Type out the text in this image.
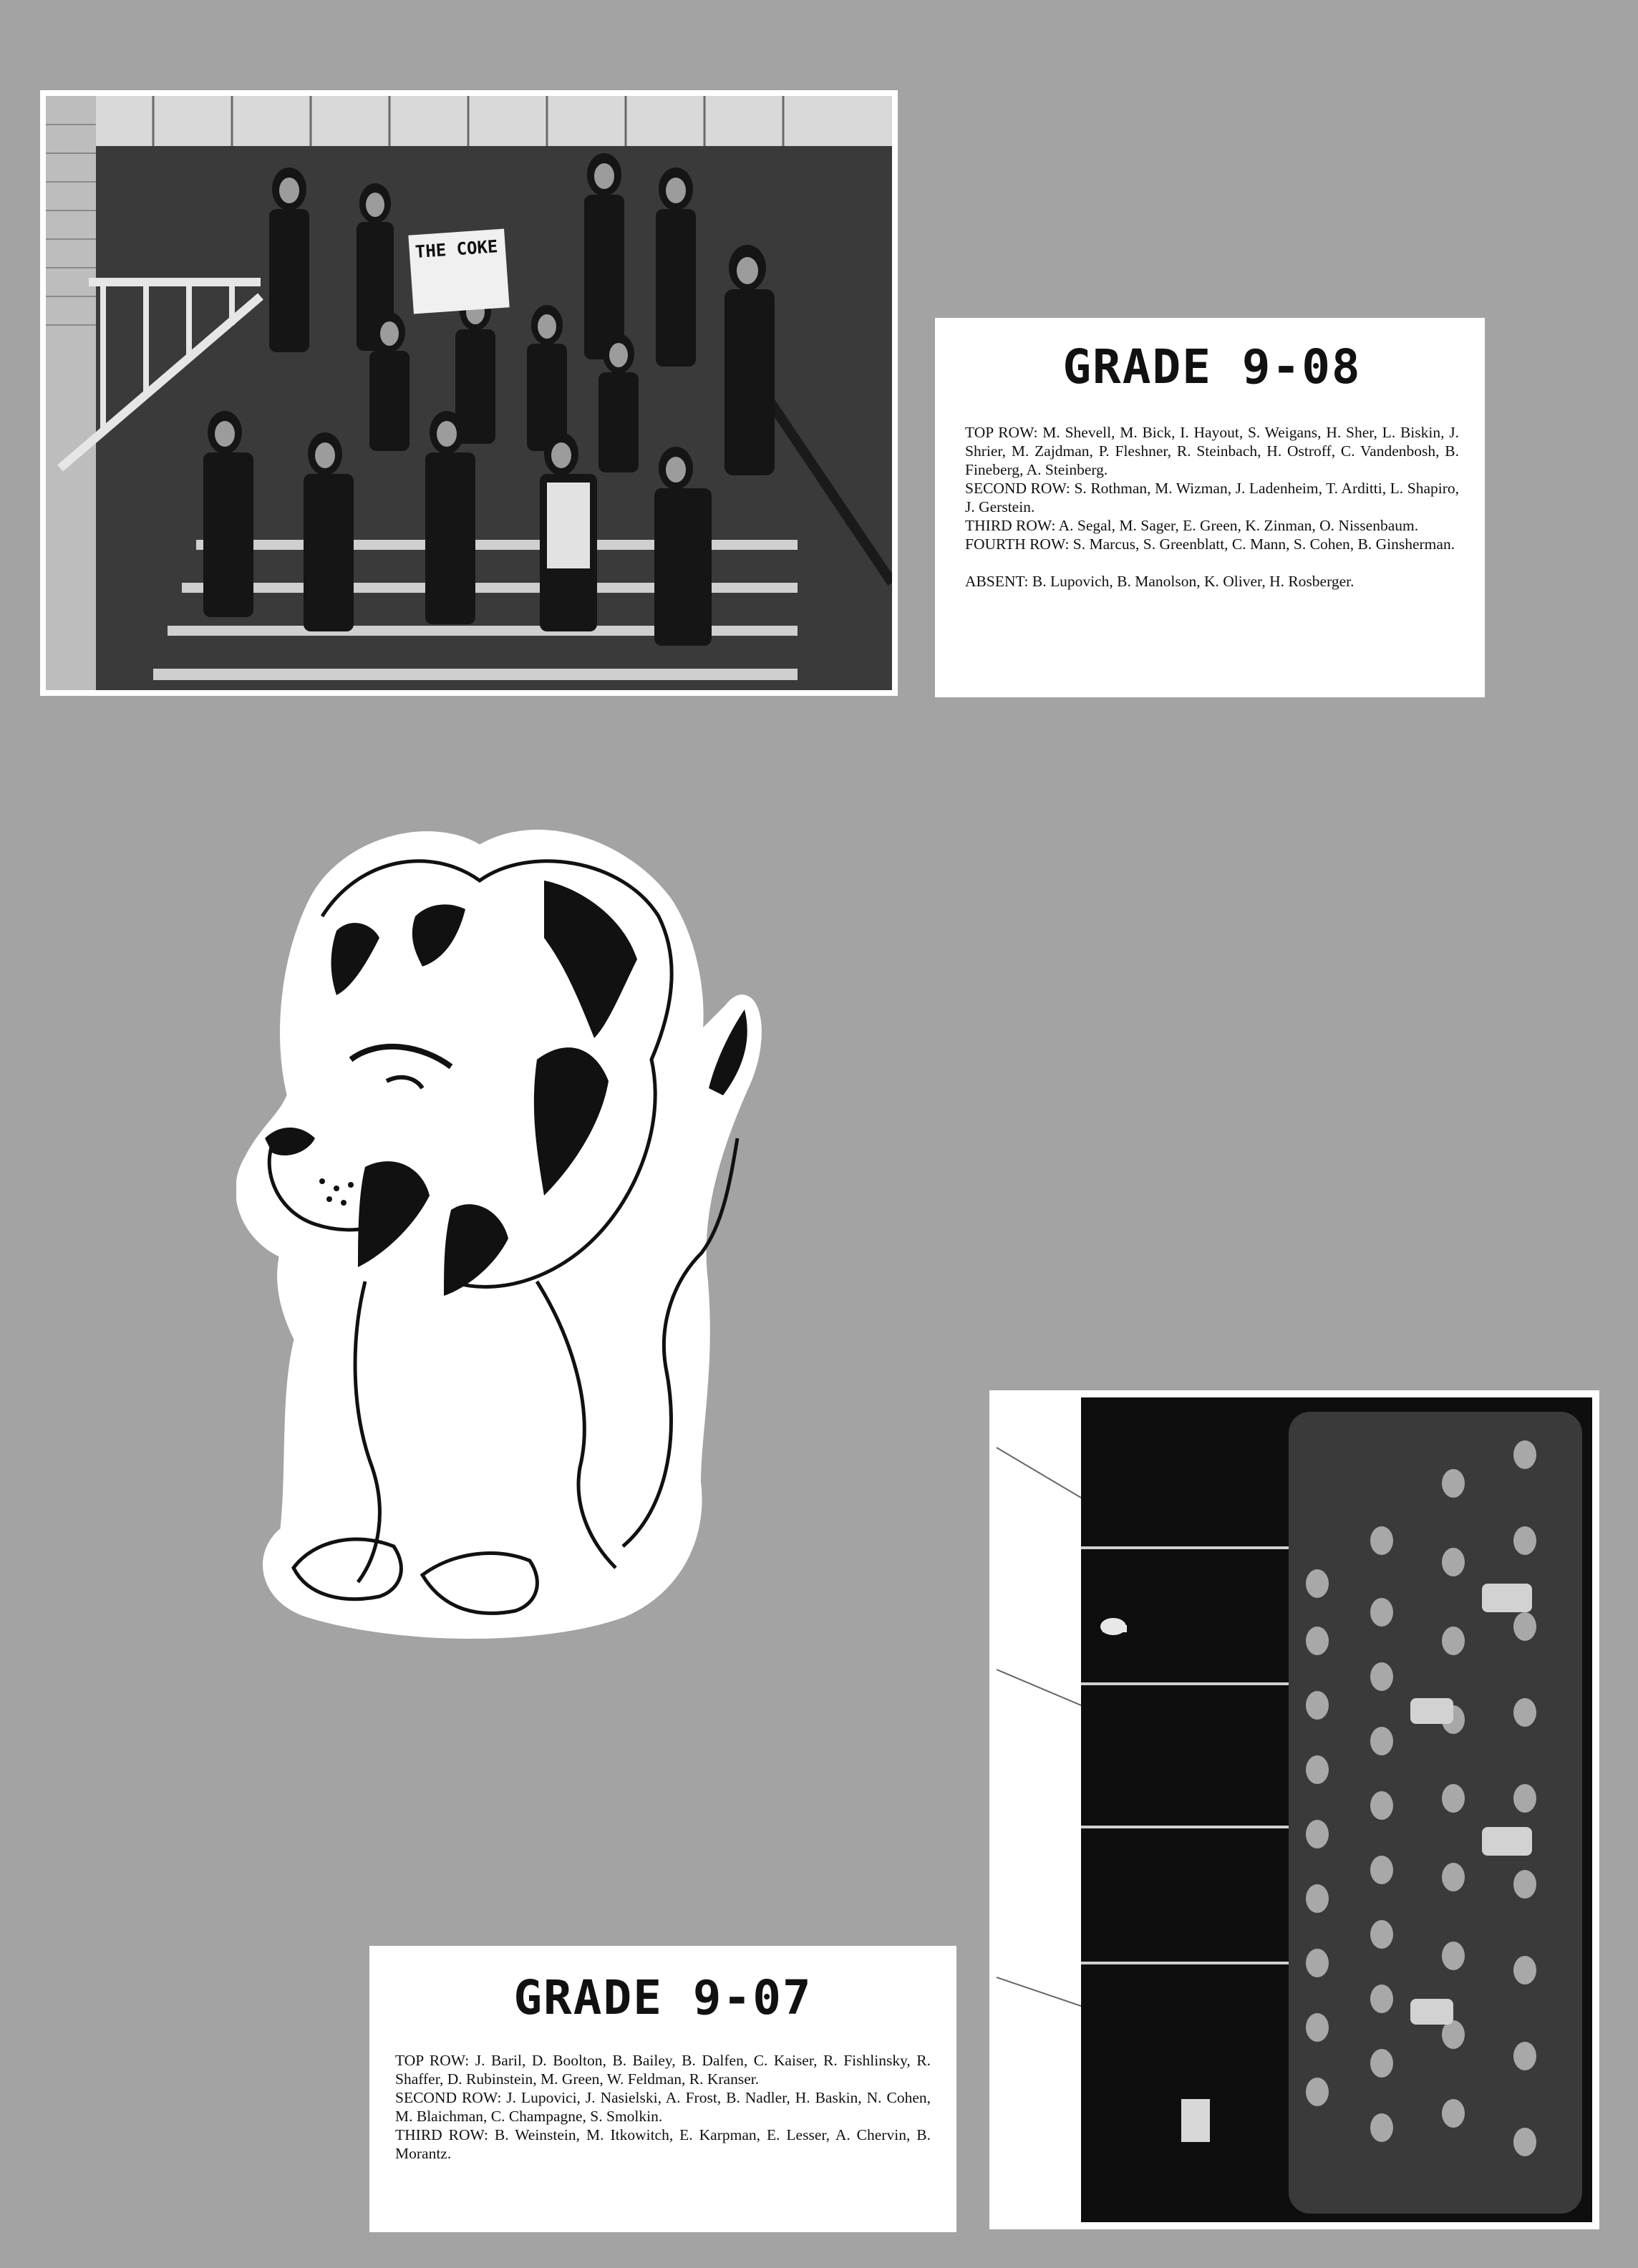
THE COKE
GRADE 9-08

TOP ROW: M. Shevell, M. Bick, I. Hayout, S. Weigans, H. Sher, L. Biskin, J. Shrier, M. Zajdman, P. Fleshner, R. Steinbach, H. Ostroff, C. Vandenbosh, B. Fineberg, A. Steinberg.

SECOND ROW: S. Rothman, M. Wizman, J. Ladenheim, T. Arditti, L. Shapiro, J. Gerstein.

THIRD ROW: A. Segal, M. Sager, E. Green, K. Zinman, O. Nissenbaum.

FOURTH ROW: S. Marcus, S. Greenblatt, C. Mann, S. Cohen, B. Ginsherman.

ABSENT: B. Lupovich, B. Manolson, K. Oliver, H. Rosberger.

GRADE 9-07

TOP ROW: J. Baril, D. Boolton, B. Bailey, B. Dalfen, C. Kaiser, R. Fishlinsky, R. Shaffer, D. Rubinstein, M. Green, W. Feldman, R. Kranser.

SECOND ROW: J. Lupovici, J. Nasielski, A. Frost, B. Nadler, H. Baskin, N. Cohen, M. Blaichman, C. Champagne, S. Smolkin.

THIRD ROW: B. Weinstein, M. Itkowitch, E. Karpman, E. Lesser, A. Chervin, B. Morantz.
